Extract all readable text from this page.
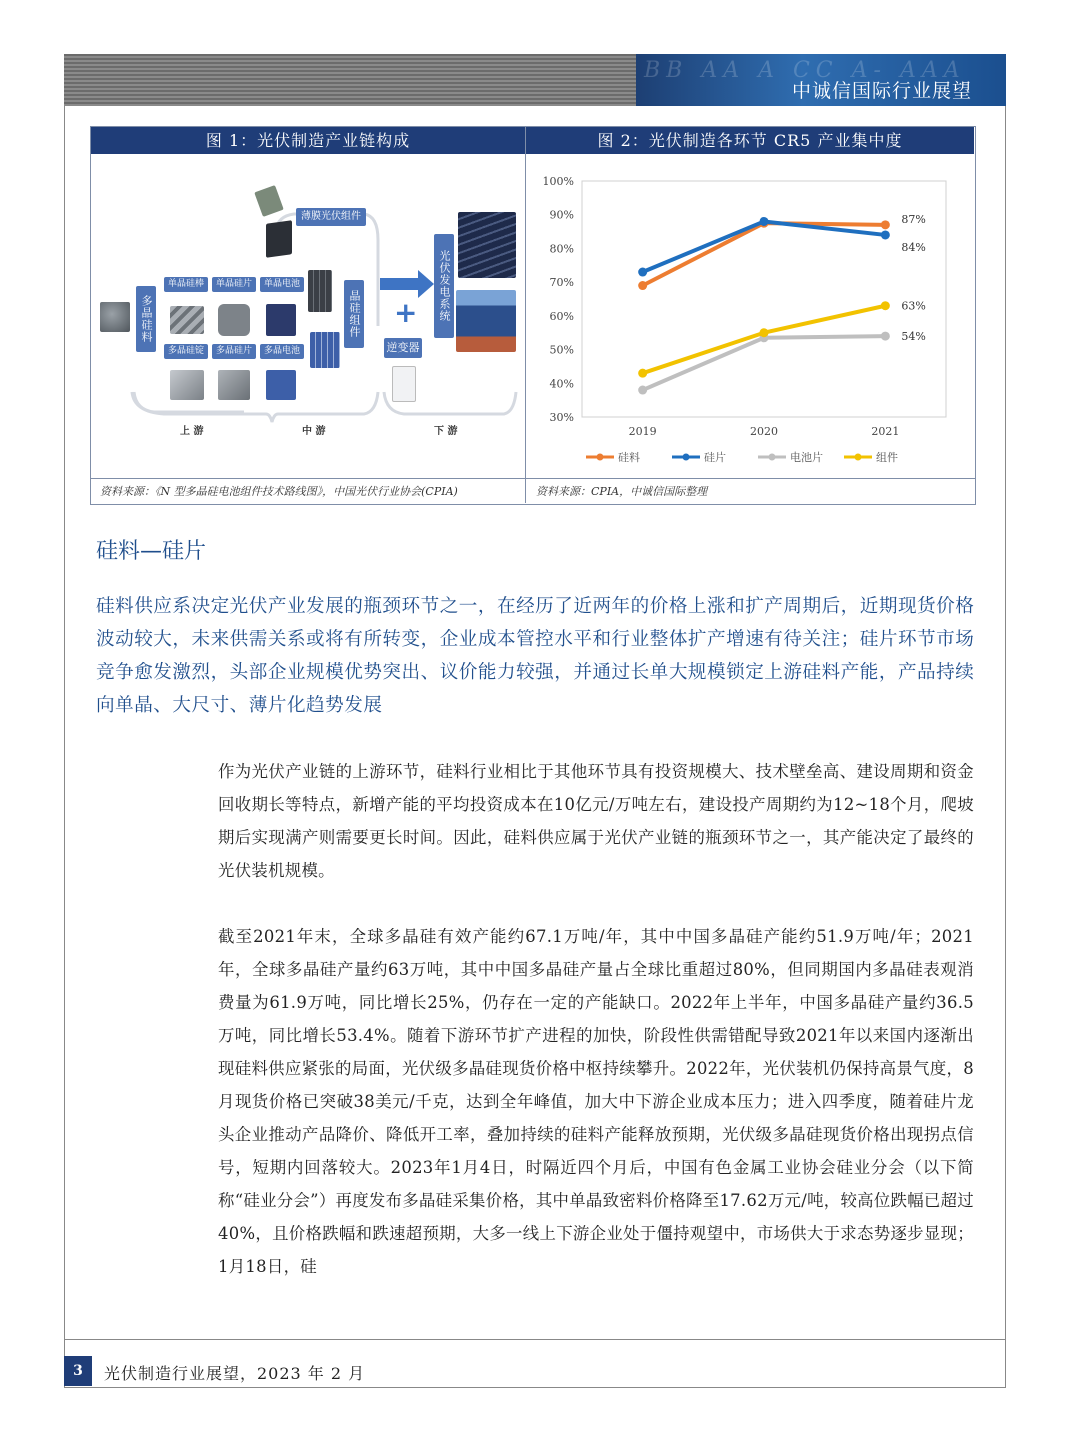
BB AA A CC A- AAA
中诚信国际行业展望
图 1：光伏制造产业链构成	图 2：光伏制造各环节 CR5 产业集中度
多晶硅料
单晶硅棒	单晶硅片	单晶电池
多晶硅锭	多晶硅片	多晶电池
薄膜光伏组件
晶硅组件 +
逆变器
光伏发电系统
上 游	中 游	下 游
30%
40%
50%
60%
70%
80%
90%
100%
2019	2020	2021
87%
84%
54%
63%
硅料	硅片	电池片	组件
资料来源：《N 型多晶硅电池组件技术路线图》，中国光伏行业协会(CPIA)	资料来源：CPIA，中诚信国际整理
硅料—硅片
硅料供应系决定光伏产业发展的瓶颈环节之一，在经历了近两年的价格上涨和扩产周期后，近期现货价格波动较大，未来供需关系或将有所转变，企业成本管控水平和行业整体扩产增速有待关注；硅片环节市场竞争愈发激烈，头部企业规模优势突出、议价能力较强，并通过长单大规模锁定上游硅料产能，产品持续向单晶、大尺寸、薄片化趋势发展
作为光伏产业链的上游环节，硅料行业相比于其他环节具有投资规模大、技术壁垒高、建设周期和资金回收期长等特点，新增产能的平均投资成本在10亿元/万吨左右，建设投产周期约为12~18个月，爬坡期后实现满产则需要更长时间。因此，硅料供应属于光伏产业链的瓶颈环节之一，其产能决定了最终的光伏装机规模。
截至2021年末，全球多晶硅有效产能约67.1万吨/年，其中中国多晶硅产能约51.9万吨/年；2021年，全球多晶硅产量约63万吨，其中中国多晶硅产量占全球比重超过80%，但同期国内多晶硅表观消费量为61.9万吨，同比增长25%，仍存在一定的产能缺口。2022年上半年，中国多晶硅产量约36.5万吨，同比增长53.4%。随着下游环节扩产进程的加快，阶段性供需错配导致2021年以来国内逐渐出现硅料供应紧张的局面，光伏级多晶硅现货价格中枢持续攀升。2022年，光伏装机仍保持高景气度，8月现货价格已突破38美元/千克，达到全年峰值，加大中下游企业成本压力；进入四季度，随着硅片龙头企业推动产品降价、降低开工率，叠加持续的硅料产能释放预期，光伏级多晶硅现货价格出现拐点信号，短期内回落较大。2023年1月4日，时隔近四个月后，中国有色金属工业协会硅业分会（以下简称“硅业分会”）再度发布多晶硅采集价格，其中单晶致密料价格降至17.62万元/吨，较高位跌幅已超过40%，且价格跌幅和跌速超预期，大多一线上下游企业处于僵持观望中，市场供大于求态势逐步显现；1月18日，硅
3	光伏制造行业展望，2023 年 2 月
